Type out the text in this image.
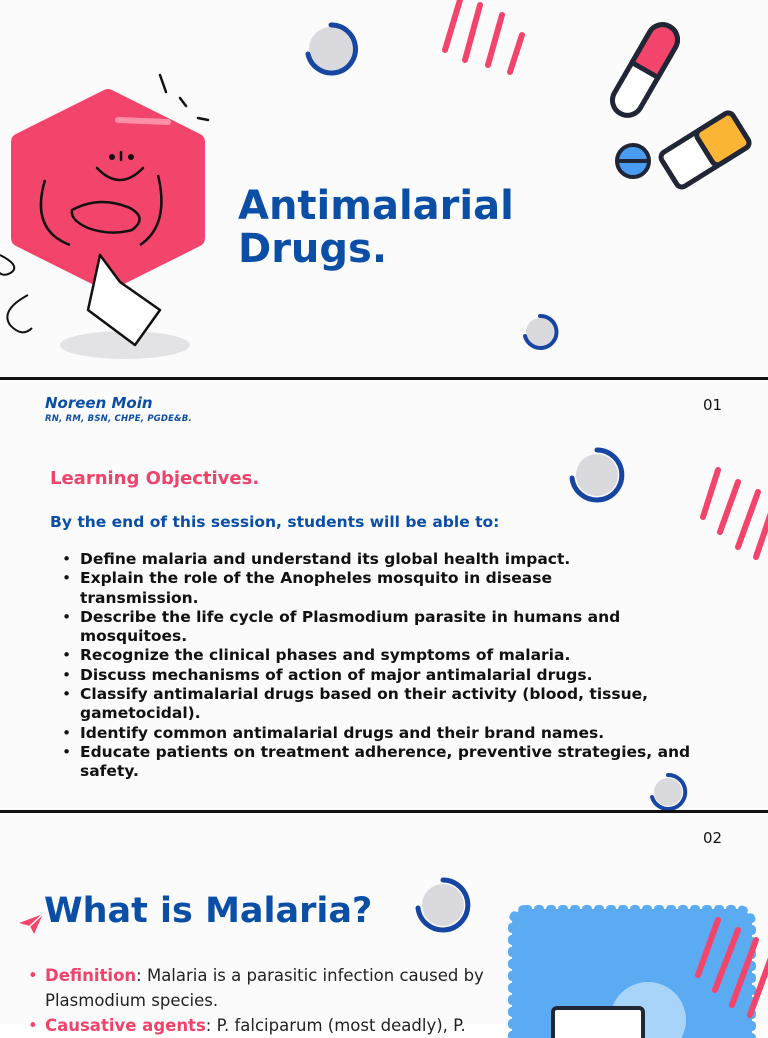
Antimalarial
Drugs.

Noreen Moin

RN, RM, BSN, CHPE, PGDE&B.

01
Learning Objectives.

By the end of this session, students will be able to:

• Define malaria and understand its global health impact.
• Explain the role of the Anopheles mosquito in disease transmission.
• Describe the life cycle of Plasmodium parasite in humans and mosquitoes.
• Recognize the clinical phases and symptoms of malaria.
• Discuss mechanisms of action of major antimalarial drugs.
• Classify antimalarial drugs based on their activity (blood, tissue, gametocidal).
• Identify common antimalarial drugs and their brand names.
• Educate patients on treatment adherence, preventive strategies, and safety.
02
What is Malaria?
• Definition: Malaria is a parasitic infection caused by Plasmodium species.
• Causative agents: P. falciparum (most deadly), P.
